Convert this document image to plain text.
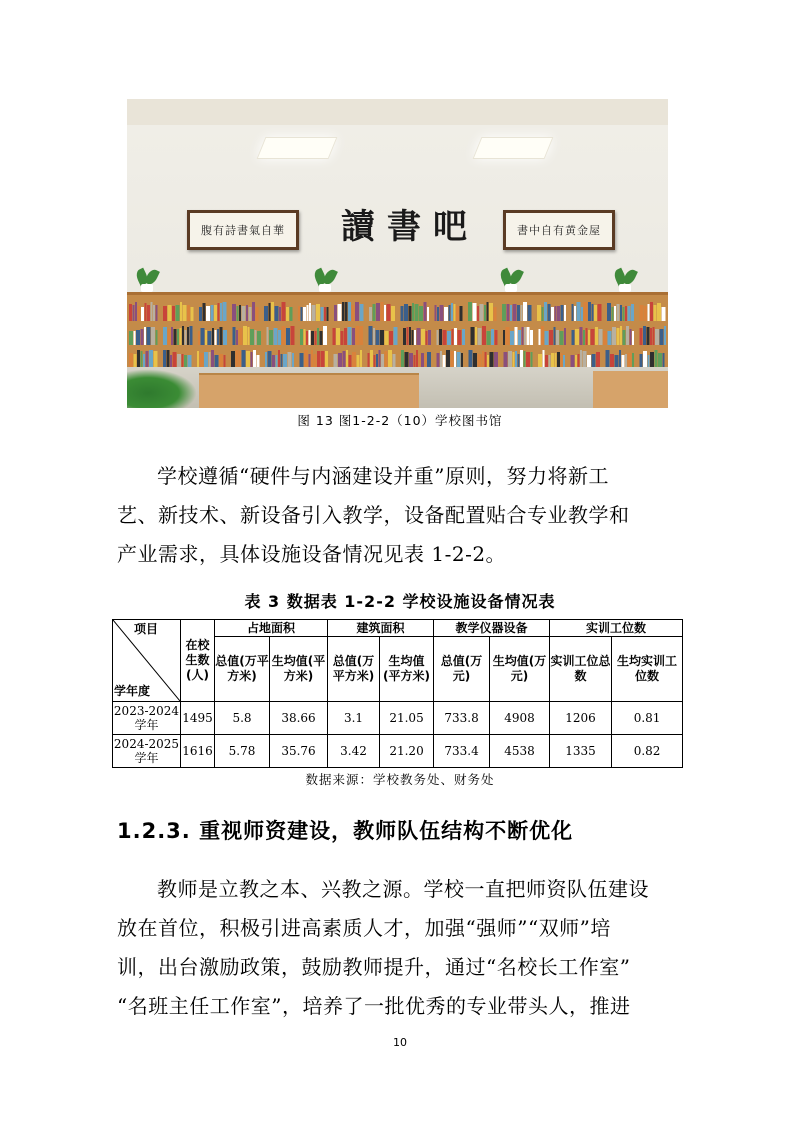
腹有詩書氣自華	書中自有黄金屋
讀書吧
图 13 图1-2-2（10）学校图书馆

学校遵循“硬件与内涵建设并重”原则，努力将新工

艺、新技术、新设备引入教学，设备配置贴合专业教学和

产业需求，具体设施设备情况见表 1-2-2。

表 3 数据表 1-2-2 学校设施设备情况表
项目
学年度	在校生数(人)	占地面积		建筑面积		教学仪器设备		实训工位数	
		总值(万平方米)	生均值(平方米)	总值(万平方米)	生均值(平方米)	总值(万元)	生均值(万元)	实训工位总数	生均实训工位数
2023-2024
学年	1495	5.8	38.66	3.1	21.05	733.8	4908	1206	0.81
2024-2025
学年	1616	5.78	35.76	3.42	21.20	733.4	4538	1335	0.82
数据来源：学校教务处、财务处
1.2.3. 重视师资建设，教师队伍结构不断优化

教师是立教之本、兴教之源。学校一直把师资队伍建设

放在首位，积极引进高素质人才，加强“强师”“双师”培

训，出台激励政策，鼓励教师提升，通过“名校长工作室”

“名班主任工作室”，培养了一批优秀的专业带头人，推进

10
